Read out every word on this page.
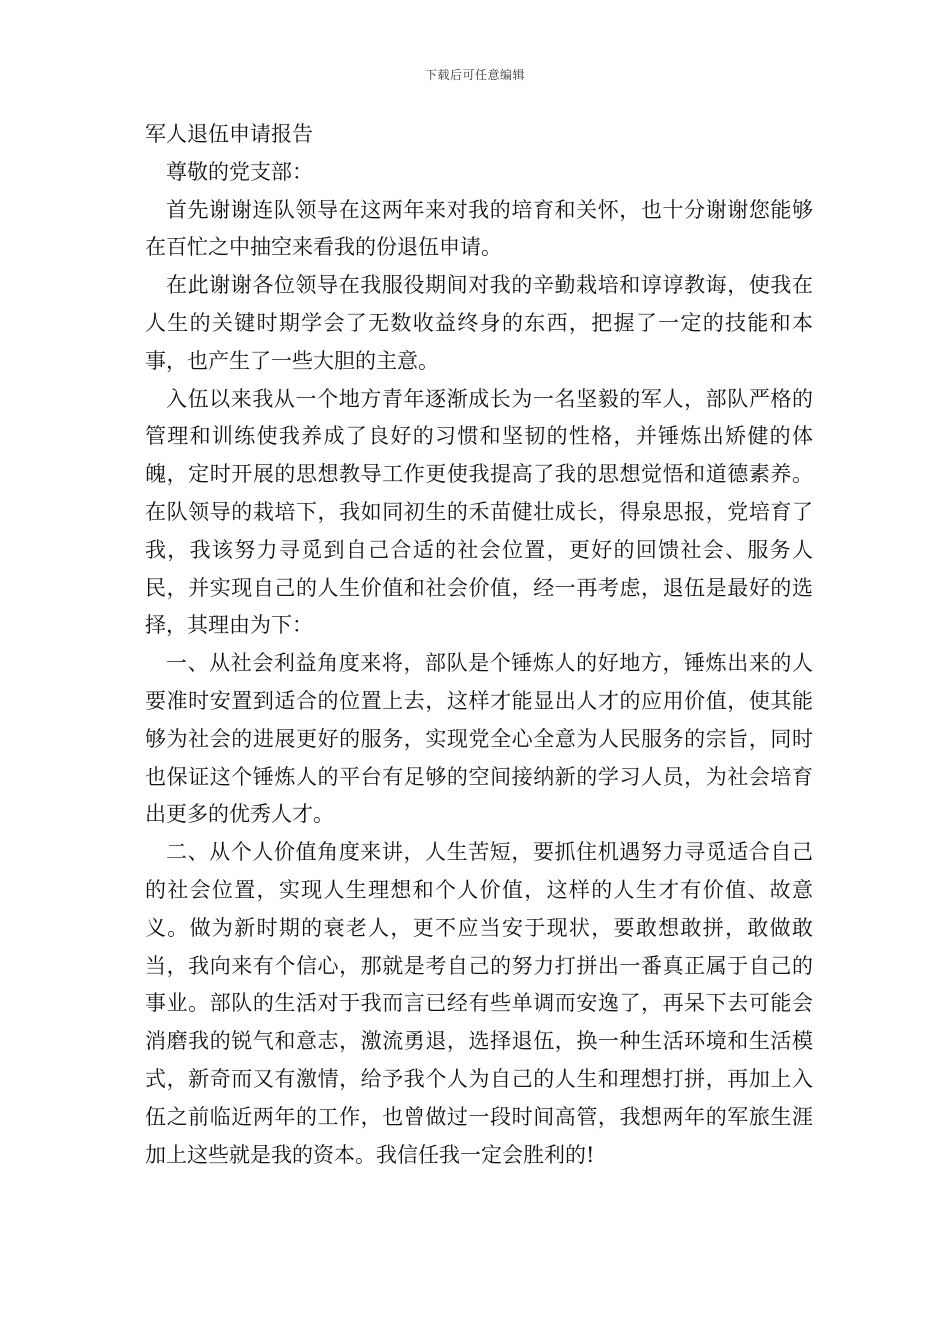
下载后可任意编辑
军人退伍申请报告

尊敬的党支部：

首先谢谢连队领导在这两年来对我的培育和关怀，也十分谢谢您能够在百忙之中抽空来看我的份退伍申请。

在此谢谢各位领导在我服役期间对我的辛勤栽培和谆谆教诲，使我在人生的关键时期学会了无数收益终身的东西，把握了一定的技能和本事，也产生了一些大胆的主意。

入伍以来我从一个地方青年逐渐成长为一名坚毅的军人，部队严格的管理和训练使我养成了良好的习惯和坚韧的性格，并锤炼出矫健的体魄，定时开展的思想教导工作更使我提高了我的思想觉悟和道德素养。在队领导的栽培下，我如同初生的禾苗健壮成长，得泉思报，党培育了我，我该努力寻觅到自己合适的社会位置，更好的回馈社会、服务人民，并实现自己的人生价值和社会价值，经一再考虑，退伍是最好的选择，其理由为下：

一、从社会利益角度来将，部队是个锤炼人的好地方，锤炼出来的人要准时安置到适合的位置上去，这样才能显出人才的应用价值，使其能够为社会的进展更好的服务，实现党全心全意为人民服务的宗旨，同时也保证这个锤炼人的平台有足够的空间接纳新的学习人员，为社会培育出更多的优秀人才。

二、从个人价值角度来讲，人生苦短，要抓住机遇努力寻觅适合自己的社会位置，实现人生理想和个人价值，这样的人生才有价值、故意义。做为新时期的衰老人，更不应当安于现状，要敢想敢拼，敢做敢当，我向来有个信心，那就是考自己的努力打拼出一番真正属于自己的事业。部队的生活对于我而言已经有些单调而安逸了，再呆下去可能会消磨我的锐气和意志，激流勇退，选择退伍，换一种生活环境和生活模式，新奇而又有激情，给予我个人为自己的人生和理想打拼，再加上入伍之前临近两年的工作，也曾做过一段时间高管，我想两年的军旅生涯加上这些就是我的资本。我信任我一定会胜利的!
